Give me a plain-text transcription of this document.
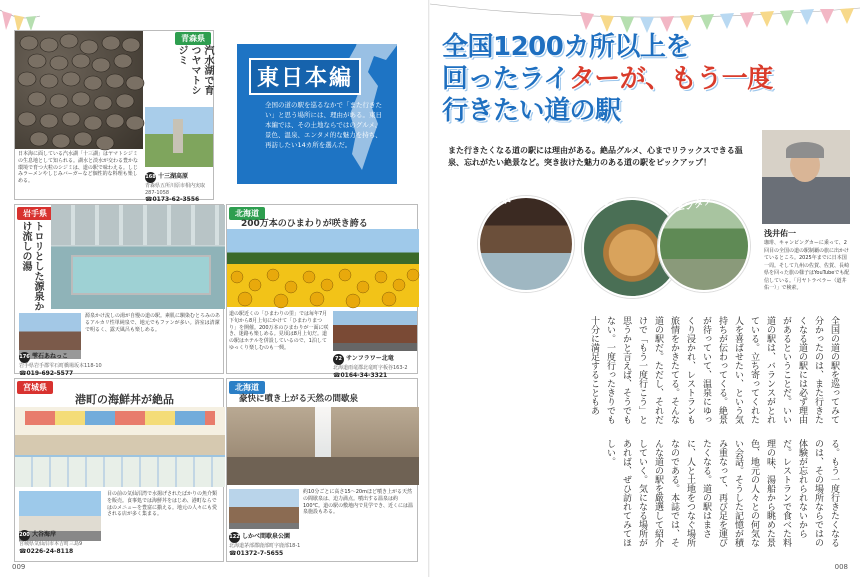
青森県
汽水湖で育つヤマトシジミ
日本海に面している汽水湖「十三湖」はヤマトシジミの生息地として知られる。湖水と淡水が交わる豊かな環境で育つ大粒のシジミは、道の駅で味わえる。しじみラーメンやしじみバーガーなど個性的な料理も楽しめる。
168 十三湖高原
青森県五所川原市相内実取287-1058
☎0173-62-3556
東日本編
全国の道の駅を巡るなかで「また行きたい」と思う場所には、理由がある。東日本編では、その土地ならではのグルメ、景色、温泉、エンタメ的な魅力を持ち、再訪したい14カ所を選んだ。
岩手県
トロリとした源泉かけ流しの湯
源泉かけ流しの湯が自慢の道の駅。素肌に馴染むとろみのあるアルカリ性単純泉で、地元でもファンが多い。浴室は清潔で明るく、露天風呂も楽しめる。
176 雫石あねっこ
岩手県岩手郡雫石町橋場坂本118-10
☎019-692-5577
北海道
200万本のひまわりが咲き誇る
道の駅近くの「ひまわりの里」では毎年7月下旬から8月上旬にかけて「ひまわりまつり」を開催。200万本のひまわりが一面に咲き、迷路も楽しめる。見頃は8月上旬だ。道の駅はホテルを併設しているので、1泊してゆっくり楽しむのも一興。
72 サンフラワー北竜
北海道雨竜郡北竜町字板谷163-2
☎0164-34-3321
宮城県
港町の海鮮丼が絶品
目の前の気仙沼湾で水揚げされたばかりの魚介類を販売。食事処では海鮮丼をはじめ、港町ならではのメニューを豊富に揃える。地元の人々にも愛される店が多く集まる。
200 大谷海岸
宮城県気仙沼市本吉町三島9
☎0226-24-8118
北海道
豪快に噴き上がる天然の間歇泉
約10分ごとに高さ15〜20mほど噴き上がる天然の間歇泉は、迫力満点。噴出する温泉は約100℃。道の駅の敷地内で見学でき、近くには温泉施設もある。
122 しかべ間歇泉公園
北海道茅部郡鹿部町字鹿部18-1
☎01372-7-5655
009
全国1200カ所以上を
回ったライターが、もう一度
行きたい道の駅
また行きたくなる道の駅には理由がある。絶品グルメ、心までリラックスできる温泉、忘れがたい絶景など。突き抜けた魅力のある道の駅をピックアップ！
温泉	グルメ	エンタメ
浅井佑一
珈琲、キャンピングカーに乗って、2回目の全国の道の駅制覇の旅に出かけているところ。2025年までに日本国一周。そして九州の佐賀、佐賀、長崎県を回った旅の様子はYouTubeでも配信している。「月ヤトラベラー（道井佑一）」で検索。
全国の道の駅を巡ってみて分かったのは、また行きたくなる道の駅には必ず理由があるということだ。いい道の駅は、バランスがとれている。立ち寄ってくれた人を喜ばせたい、という気持ちが伝わってくる。絶景が待っていて、温泉にゆっくり浸かれ、レストランも旅情をかきたてる。そんな道の駅だ。ただし、それだけで「もう一度行こう」と思うかと言えば、そうでもない。一度行ったきりでも十分に満足することもある。もう一度行きたくなるのは、その場所ならではの体験が忘れられないからだ。レストランで食べた料理の味、湯船から眺めた景色、地元の人々との何気ない会話。そうした記憶が積み重なって、再び足を運びたくなる。道の駅はまさに、人と土地をつなぐ場所なのである。本誌では、そんな道の駅を厳選して紹介していく。気になる場所があれば、ぜひ訪れてみてほしい。
008
